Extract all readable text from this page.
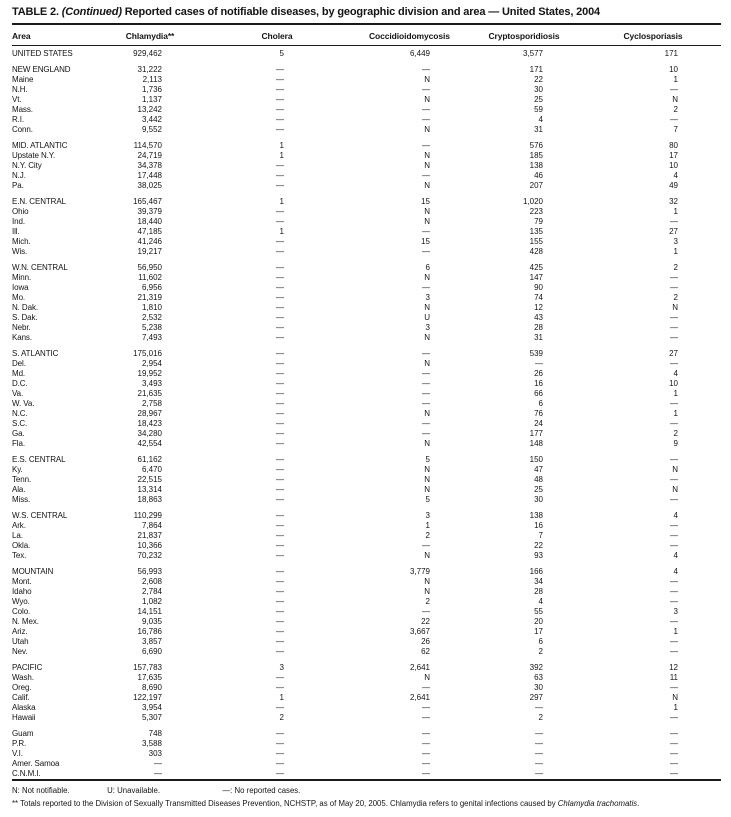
TABLE 2. (Continued) Reported cases of notifiable diseases, by geographic division and area — United States, 2004
Area	Chlamydia**	Cholera	Coccidioidomycosis	Cryptosporidiosis	Cyclosporiasis	
UNITED STATES	929,462	5	6,449	3,577	171	

NEW ENGLAND	31,222	—	—	171	10	
Maine	2,113	—	N	22	1	
N.H.	1,736	—	—	30	—	
Vt.	1,137	—	N	25	N	
Mass.	13,242	—	—	59	2	
R.I.	3,442	—	—	4	—	
Conn.	9,552	—	N	31	7	

MID. ATLANTIC	114,570	1	—	576	80	
Upstate N.Y.	24,719	1	N	185	17	
N.Y. City	34,378	—	N	138	10	
N.J.	17,448	—	—	46	4	
Pa.	38,025	—	N	207	49	

E.N. CENTRAL	165,467	1	15	1,020	32	
Ohio	39,379	—	N	223	1	
Ind.	18,440	—	N	79	—	
Ill.	47,185	1	—	135	27	
Mich.	41,246	—	15	155	3	
Wis.	19,217	—	—	428	1	

W.N. CENTRAL	56,950	—	6	425	2	
Minn.	11,602	—	N	147	—	
Iowa	6,956	—	—	90	—	
Mo.	21,319	—	3	74	2	
N. Dak.	1,810	—	N	12	N	
S. Dak.	2,532	—	U	43	—	
Nebr.	5,238	—	3	28	—	
Kans.	7,493	—	N	31	—	

S. ATLANTIC	175,016	—	—	539	27	
Del.	2,954	—	N	—	—	
Md.	19,952	—	—	26	4	
D.C.	3,493	—	—	16	10	
Va.	21,635	—	—	66	1	
W. Va.	2,758	—	—	6	—	
N.C.	28,967	—	N	76	1	
S.C.	18,423	—	—	24	—	
Ga.	34,280	—	—	177	2	
Fla.	42,554	—	N	148	9	

E.S. CENTRAL	61,162	—	5	150	—	
Ky.	6,470	—	N	47	N	
Tenn.	22,515	—	N	48	—	
Ala.	13,314	—	N	25	N	
Miss.	18,863	—	5	30	—	

W.S. CENTRAL	110,299	—	3	138	4	
Ark.	7,864	—	1	16	—	
La.	21,837	—	2	7	—	
Okla.	10,366	—	—	22	—	
Tex.	70,232	—	N	93	4	

MOUNTAIN	56,993	—	3,779	166	4	
Mont.	2,608	—	N	34	—	
Idaho	2,784	—	N	28	—	
Wyo.	1,082	—	2	4	—	
Colo.	14,151	—	—	55	3	
N. Mex.	9,035	—	22	20	—	
Ariz.	16,786	—	3,667	17	1	
Utah	3,857	—	26	6	—	
Nev.	6,690	—	62	2	—	

PACIFIC	157,783	3	2,641	392	12	
Wash.	17,635	—	N	63	11	
Oreg.	8,690	—	—	30	—	
Calif.	122,197	1	2,641	297	N	
Alaska	3,954	—	—	—	1	
Hawaii	5,307	2	—	2	—	

Guam	748	—	—	—	—	
P.R.	3,588	—	—	—	—	
V.I.	303	—	—	—	—	
Amer. Samoa	—	—	—	—	—	
C.N.M.I.	—	—	—	—	—	
N: Not notifiable.	U: Unavailable.	—: No reported cases.
** Totals reported to the Division of Sexually Transmitted Diseases Prevention, NCHSTP, as of May 20, 2005. Chlamydia refers to genital infections caused by Chlamydia trachomatis.
